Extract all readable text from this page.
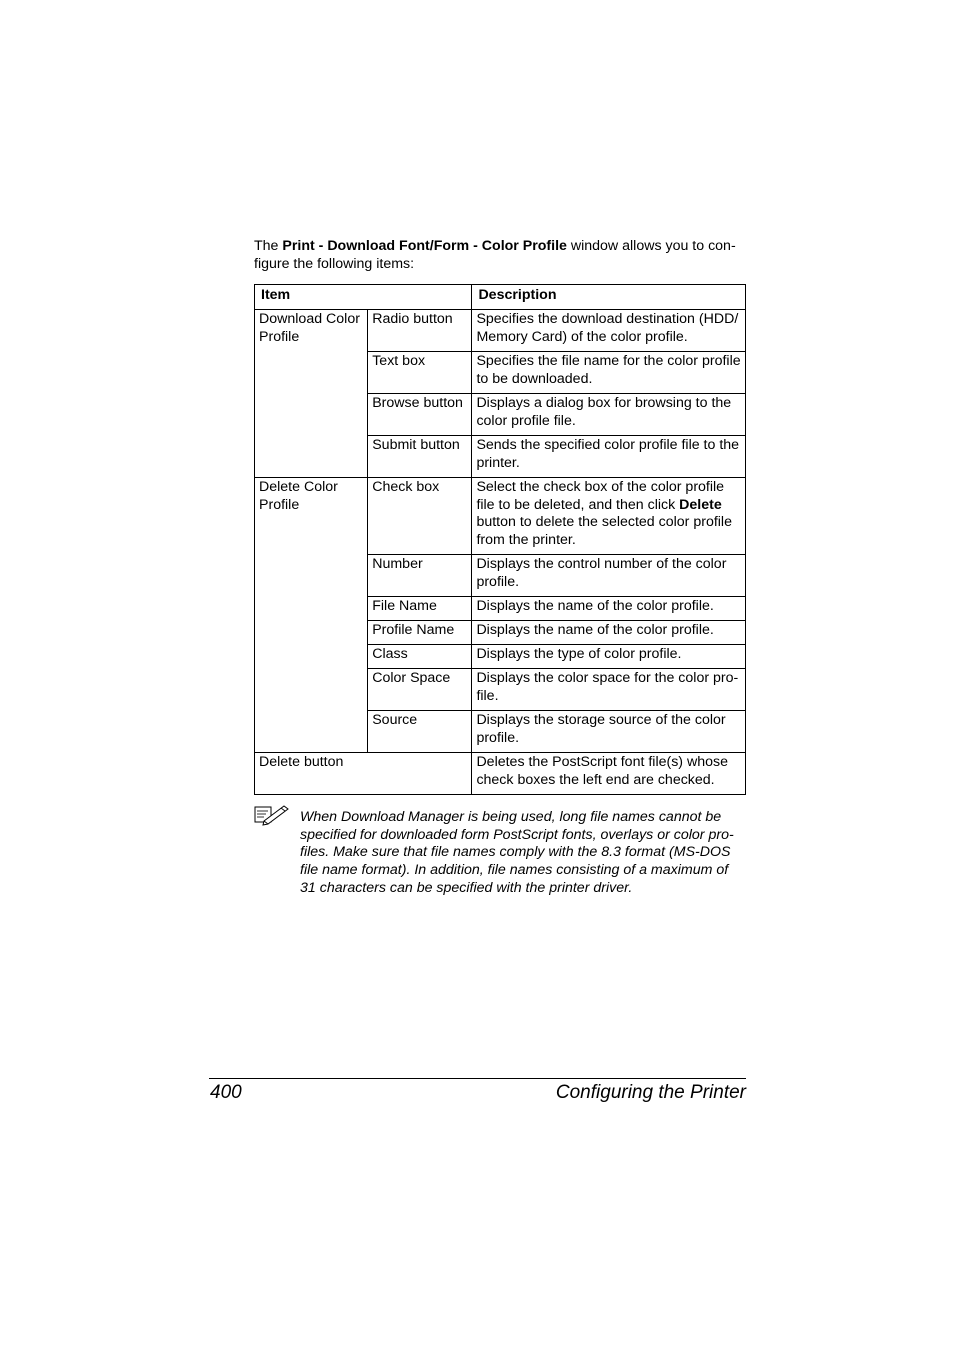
The Print - Download Font/Form - Color Profile window allows you to con-figure the following items:

Item		Description
Download Color Profile	Radio button	Specifies the download destination (HDD/ Memory Card) of the color profile.
	Text box	Specifies the file name for the color profile to be downloaded.
	Browse button	Displays a dialog box for browsing to the color profile file.
	Submit button	Sends the specified color profile file to the printer.
Delete Color Profile	Check box	Select the check box of the color profile file to be deleted, and then click Delete button to delete the selected color profile from the printer.
	Number	Displays the control number of the color profile.
	File Name	Displays the name of the color profile.
	Profile Name	Displays the name of the color profile.
	Class	Displays the type of color profile.
	Color Space	Displays the color space for the color pro-file.
	Source	Displays the storage source of the color profile.
Delete button		Deletes the PostScript font file(s) whose check boxes the left end are checked.

When Download Manager is being used, long file names cannot be specified for downloaded form PostScript fonts, overlays or color pro-files. Make sure that file names comply with the 8.3 format (MS-DOS file name format). In addition, file names consisting of a maximum of 31 characters can be specified with the printer driver.

400	Configuring the Printer
